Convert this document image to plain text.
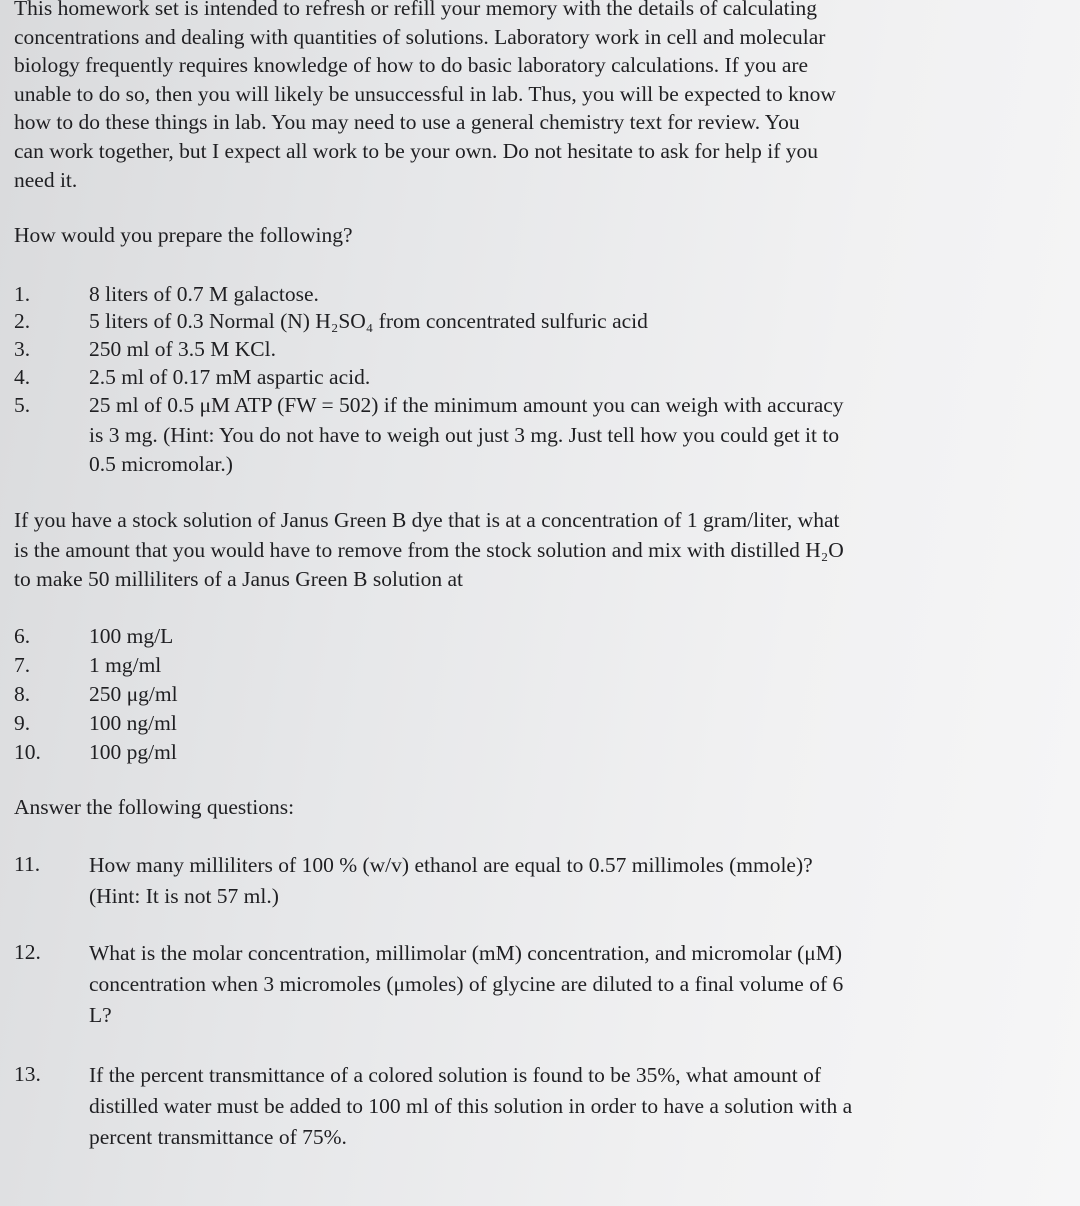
This homework set is intended to refresh or refill your memory with the details of calculating
concentrations and dealing with quantities of solutions. Laboratory work in cell and molecular
biology frequently requires knowledge of how to do basic laboratory calculations. If you are
unable to do so, then you will likely be unsuccessful in lab. Thus, you will be expected to know
how to do these things in lab. You may need to use a general chemistry text for review. You
can work together, but I expect all work to be your own. Do not hesitate to ask for help if you
need it.
How would you prepare the following?
1.	8 liters of 0.7 M galactose.
2.	5 liters of 0.3 Normal (N) H₂SO₄ from concentrated sulfuric acid
3.	250 ml of 3.5 M KCl.
4.	2.5 ml of 0.17 mM aspartic acid.
5.	25 ml of 0.5 μM ATP (FW = 502) if the minimum amount you can weigh with accuracy
is 3 mg. (Hint: You do not have to weigh out just 3 mg. Just tell how you could get it to
0.5 micromolar.)
If you have a stock solution of Janus Green B dye that is at a concentration of 1 gram/liter, what
is the amount that you would have to remove from the stock solution and mix with distilled H₂O
to make 50 milliliters of a Janus Green B solution at
6.	100 mg/L
7.	1 mg/ml
8.	250 μg/ml
9.	100 ng/ml
10.	100 pg/ml
Answer the following questions:
11.	How many milliliters of 100 % (w/v) ethanol are equal to 0.57 millimoles (mmole)?
(Hint: It is not 57 ml.)
12.	What is the molar concentration, millimolar (mM) concentration, and micromolar (μM)
concentration when 3 micromoles (μmoles) of glycine are diluted to a final volume of 6
L?
13.	If the percent transmittance of a colored solution is found to be 35%, what amount of
distilled water must be added to 100 ml of this solution in order to have a solution with a
percent transmittance of 75%.
